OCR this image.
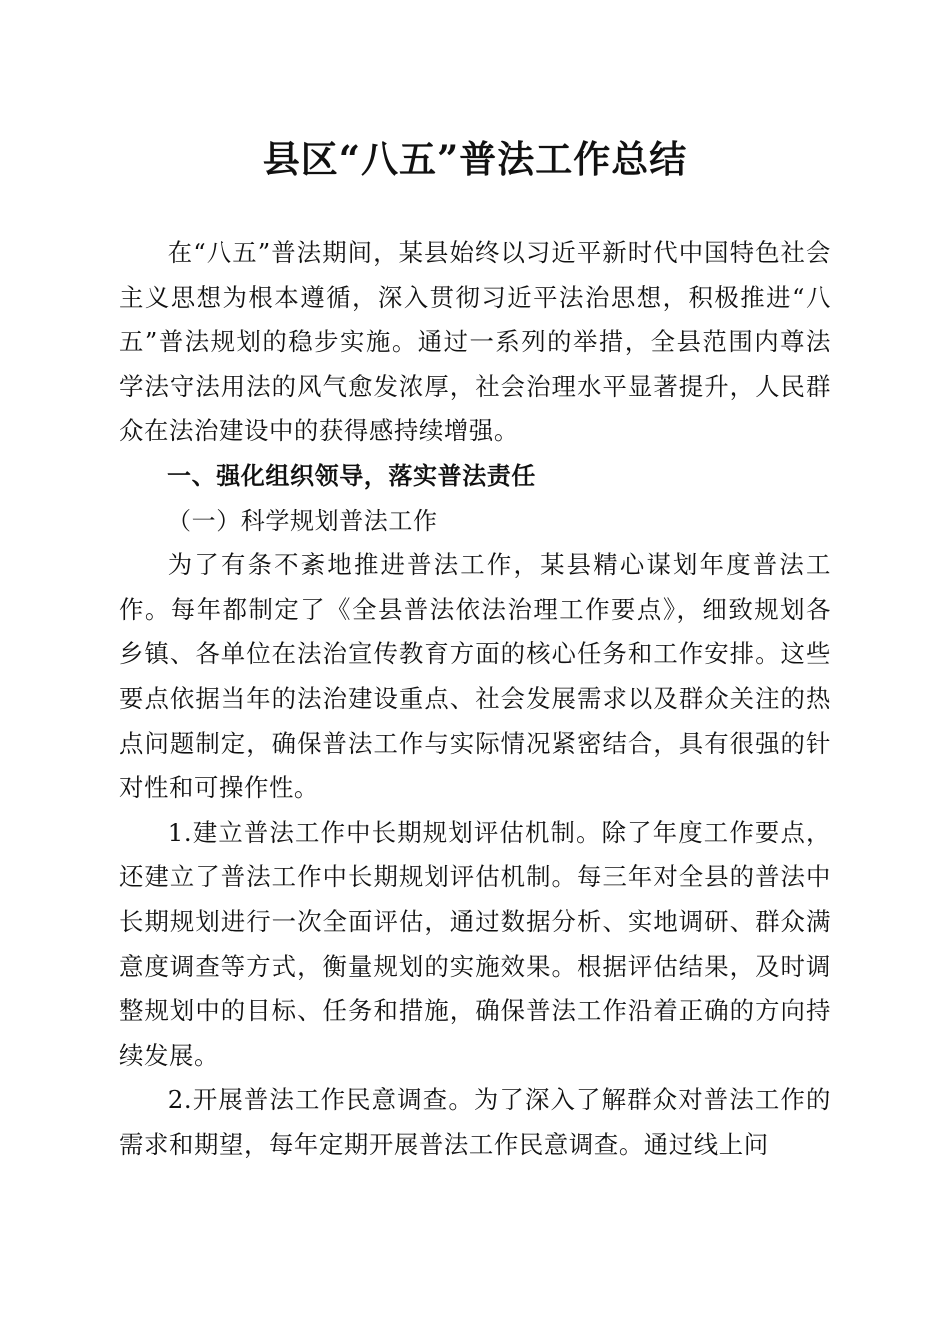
县区“八五”普法工作总结

在“八五”普法期间，某县始终以习近平新时代中国特色社会主义思想为根本遵循，深入贯彻习近平法治思想，积极推进“八五”普法规划的稳步实施。通过一系列的举措，全县范围内尊法学法守法用法的风气愈发浓厚，社会治理水平显著提升，人民群众在法治建设中的获得感持续增强。

一、强化组织领导，落实普法责任
（一）科学规划普法工作

为了有条不紊地推进普法工作，某县精心谋划年度普法工作。每年都制定了《全县普法依法治理工作要点》，细致规划各乡镇、各单位在法治宣传教育方面的核心任务和工作安排。这些要点依据当年的法治建设重点、社会发展需求以及群众关注的热点问题制定，确保普法工作与实际情况紧密结合，具有很强的针对性和可操作性。

1.建立普法工作中长期规划评估机制。除了年度工作要点，还建立了普法工作中长期规划评估机制。每三年对全县的普法中长期规划进行一次全面评估，通过数据分析、实地调研、群众满意度调查等方式，衡量规划的实施效果。根据评估结果，及时调整规划中的目标、任务和措施，确保普法工作沿着正确的方向持续发展。

2.开展普法工作民意调查。为了深入了解群众对普法工作的需求和期望，每年定期开展普法工作民意调查。通过线上问
